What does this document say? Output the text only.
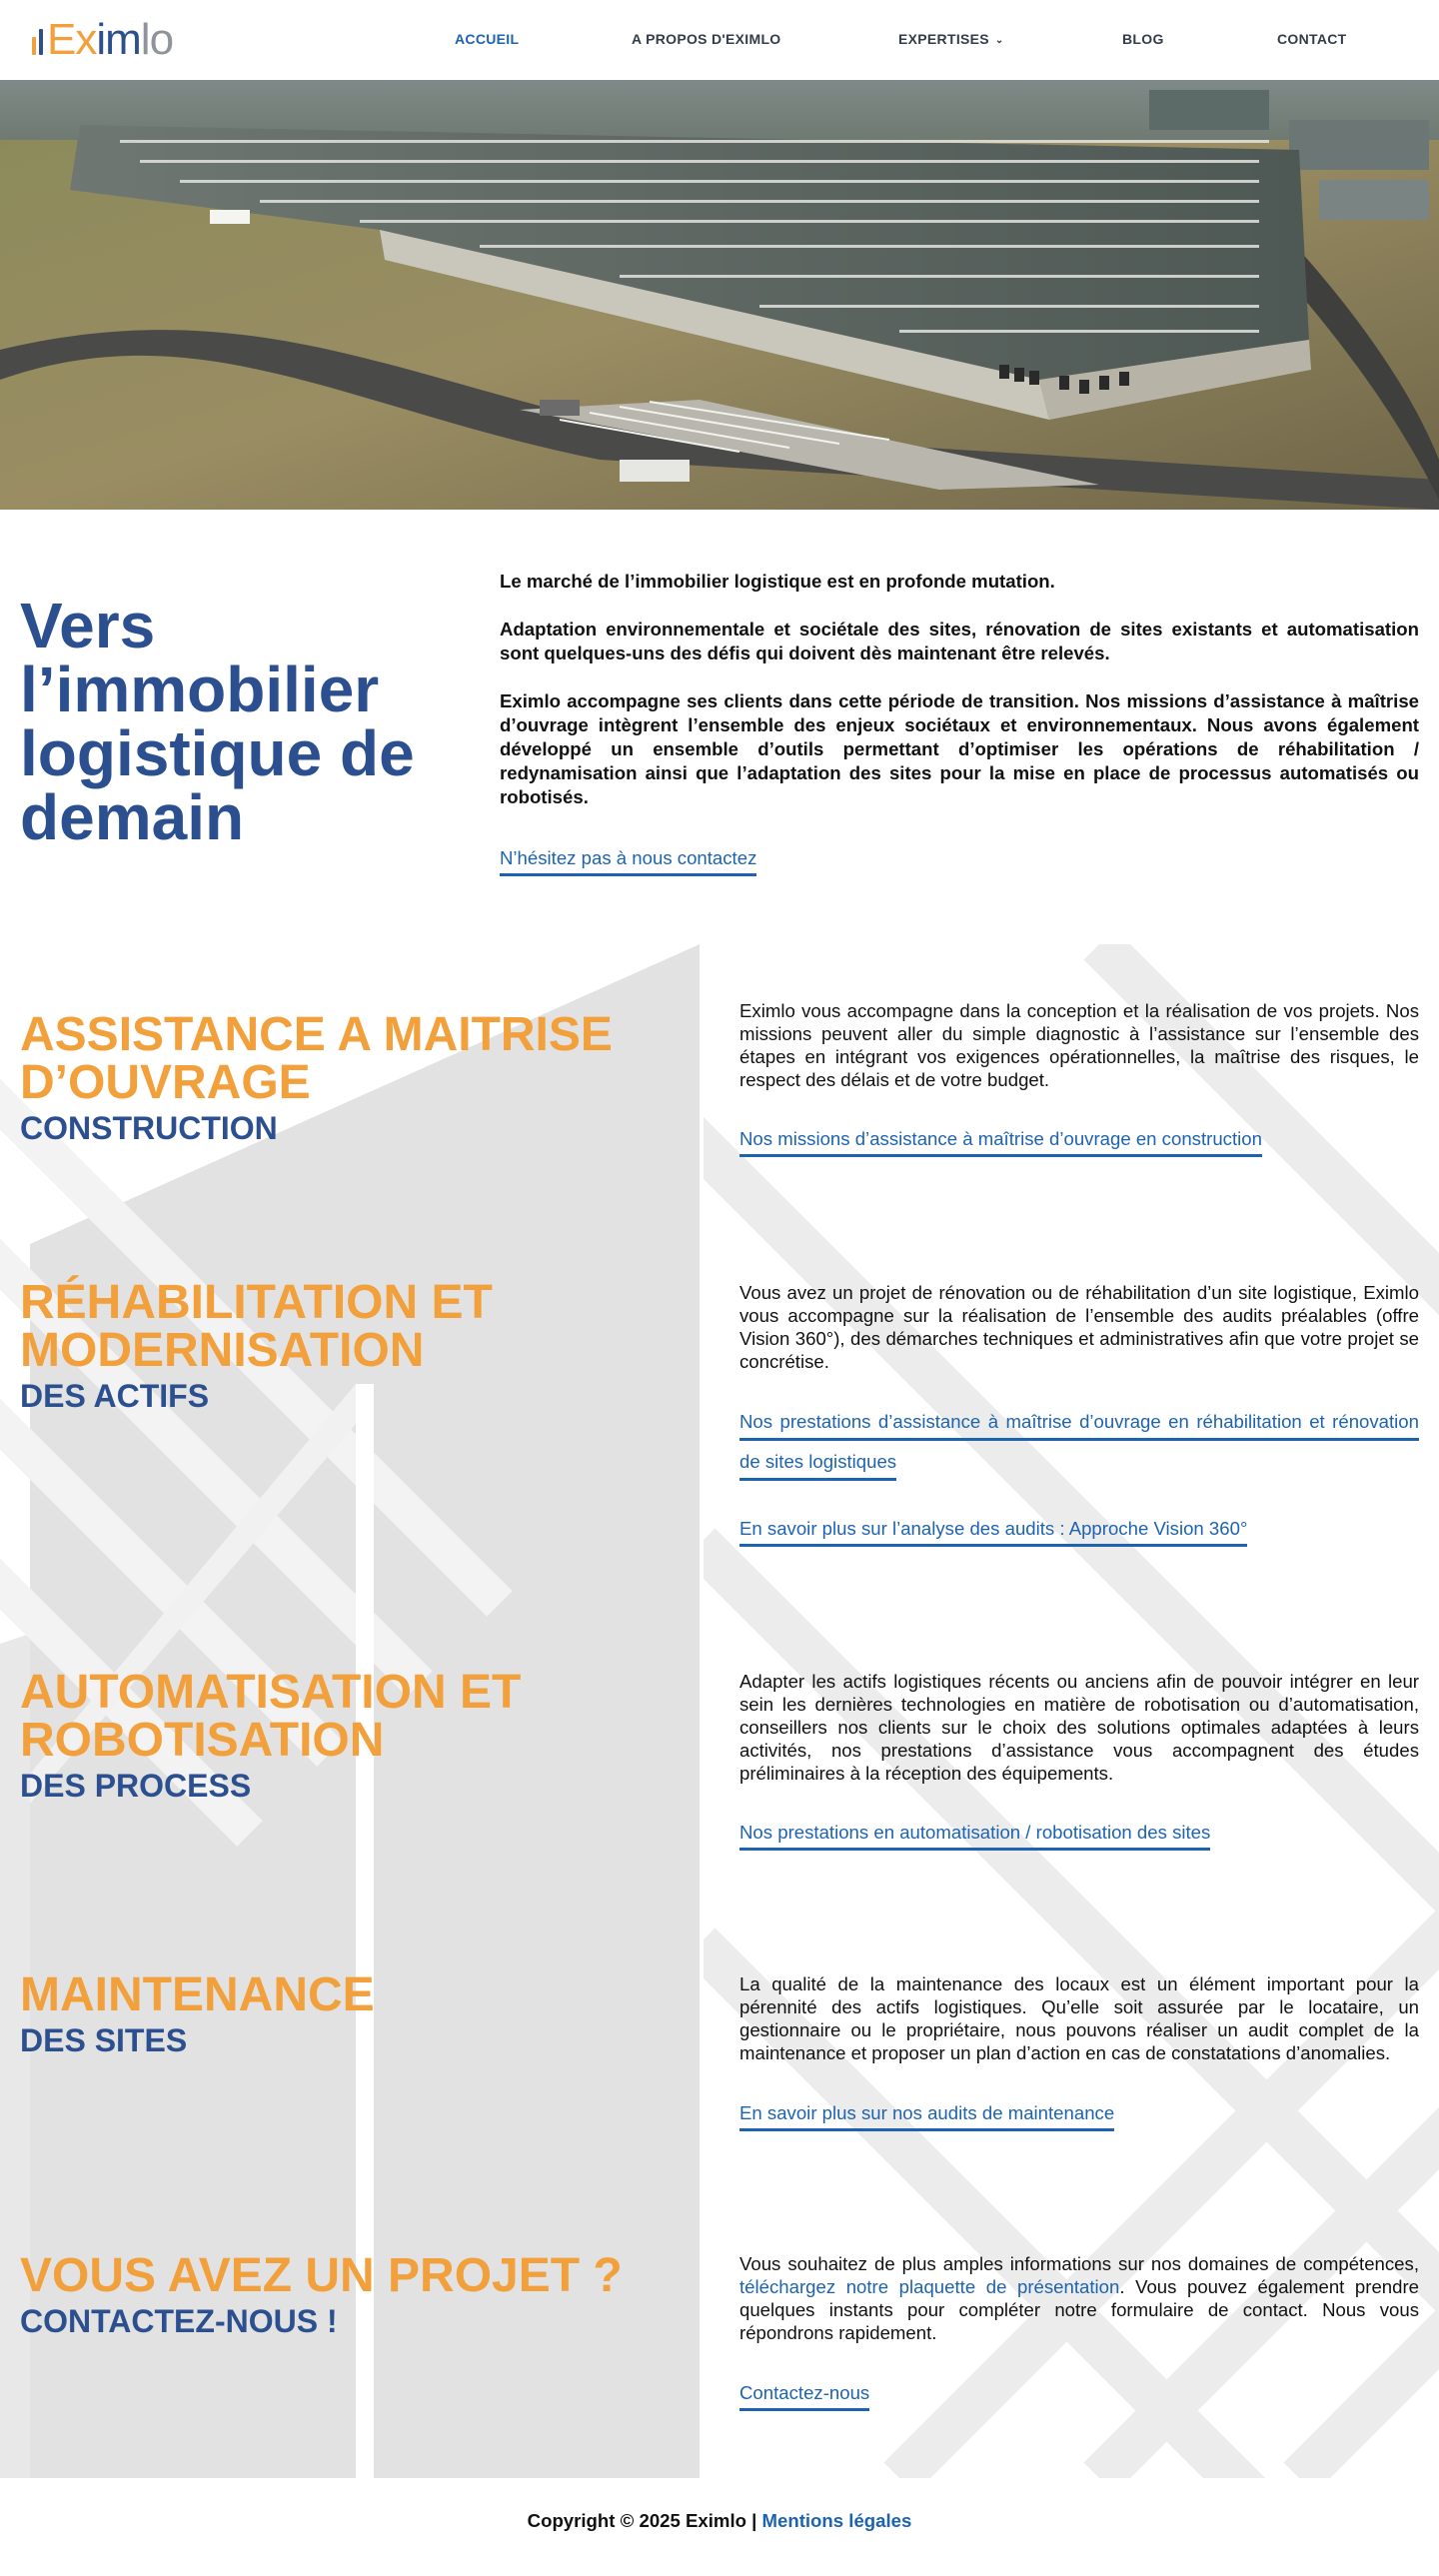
Eximlo	ACCUEIL	A PROPOS D'EXIMLO	EXPERTISES ⌄	BLOG	CONTACT
Vers l’immobilier logistique de demain

Le marché de l’immobilier logistique est en profonde mutation.

Adaptation environnementale et sociétale des sites, rénovation de sites existants et automatisation sont quelques-uns des défis qui doivent dès maintenant être relevés.

Eximlo accompagne ses clients dans cette période de transition. Nos missions d’assistance à maîtrise d’ouvrage intègrent l’ensemble des enjeux sociétaux et environnementaux. Nous avons également développé un ensemble d’outils permettant d’optimiser les opérations de réhabilitation / redynamisation ainsi que l’adaptation des sites pour la mise en place de processus automatisés ou robotisés.

N’hésitez pas à nous contactez
ASSISTANCE A MAITRISE D’OUVRAGE
CONSTRUCTION

Eximlo vous accompagne dans la conception et la réalisation de vos projets. Nos missions peuvent aller du simple diagnostic à l’assistance sur l’ensemble des étapes en intégrant vos exigences opérationnelles, la maîtrise des risques, le respect des délais et de votre budget.

Nos missions d’assistance à maîtrise d’ouvrage en construction
RÉHABILITATION ET MODERNISATION
DES ACTIFS

Vous avez un projet de rénovation ou de réhabilitation d’un site logistique, Eximlo vous accompagne sur la réalisation de l’ensemble des audits préalables (offre Vision 360°), des démarches techniques et administratives afin que votre projet se concrétise.

Nos prestations d’assistance à maîtrise d’ouvrage en réhabilitation et rénovation de sites logistiques
En savoir plus sur l’analyse des audits : Approche Vision 360°
AUTOMATISATION ET ROBOTISATION
DES PROCESS

Adapter les actifs logistiques récents ou anciens afin de pouvoir intégrer en leur sein les dernières technologies en matière de robotisation ou d’automatisation, conseillers nos clients sur le choix des solutions optimales adaptées à leurs activités, nos prestations d’assistance vous accompagnent des études préliminaires à la réception des équipements.

Nos prestations en automatisation / robotisation des sites
MAINTENANCE
DES SITES

La qualité de la maintenance des locaux est un élément important pour la pérennité des actifs logistiques. Qu’elle soit assurée par le locataire, un gestionnaire ou le propriétaire, nous pouvons réaliser un audit complet de la maintenance et proposer un plan d’action en cas de constatations d’anomalies.

En savoir plus sur nos audits de maintenance
VOUS AVEZ UN PROJET ?
CONTACTEZ-NOUS !

Vous souhaitez de plus amples informations sur nos domaines de compétences, téléchargez notre plaquette de présentation. Vous pouvez également prendre quelques instants pour compléter notre formulaire de contact. Nous vous répondrons rapidement.

Contactez-nous
Copyright © 2025 Eximlo | Mentions légales
